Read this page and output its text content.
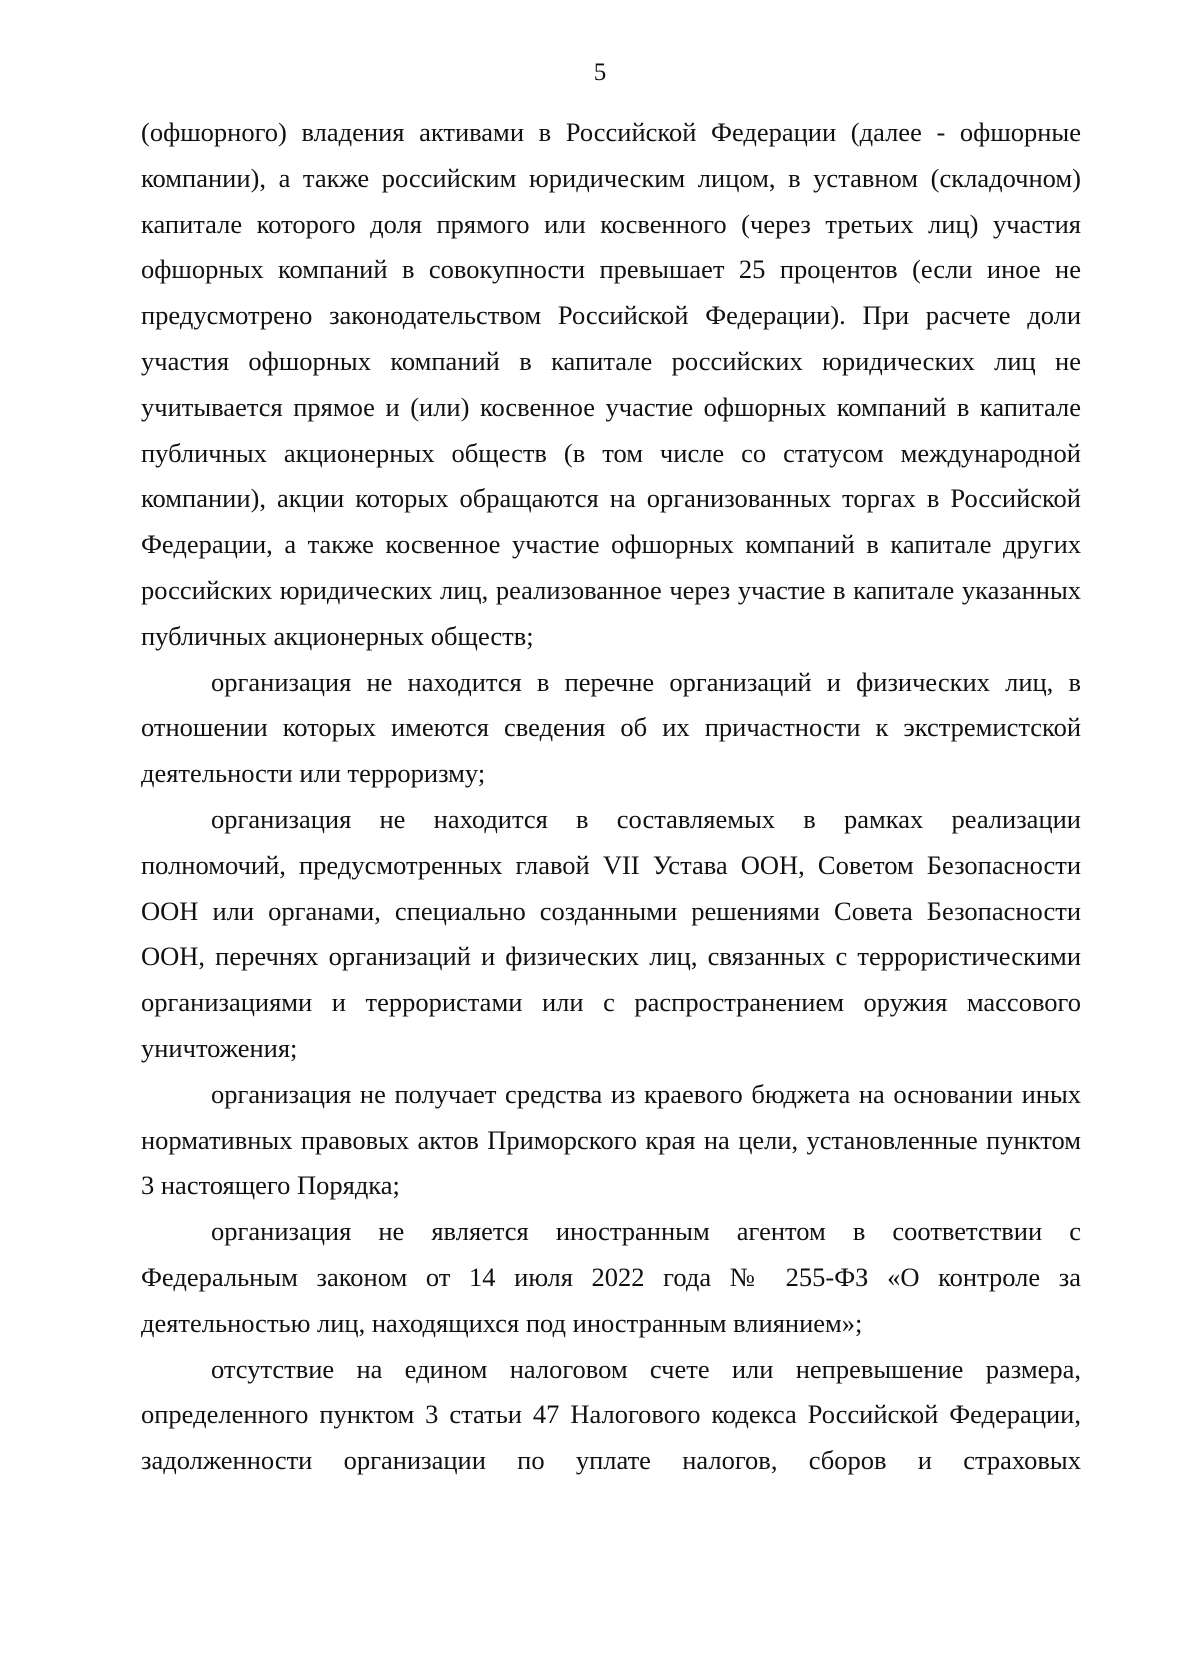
5

(офшорного) владения активами в Российской Федерации (далее - офшорные компании), а также российским юридическим лицом, в уставном (складочном) капитале которого доля прямого или косвенного (через третьих лиц) участия офшорных компаний в совокупности превышает 25 процентов (если иное не предусмотрено законодательством Российской Федерации). При расчете доли участия офшорных компаний в капитале российских юридических лиц не учитывается прямое и (или) косвенное участие офшорных компаний в капитале публичных акционерных обществ (в том числе со статусом международной компании), акции которых обращаются на организованных торгах в Российской Федерации, а также косвенное участие офшорных компаний в капитале других российских юридических лиц, реализованное через участие в капитале указанных публичных акционерных обществ;

организация не находится в перечне организаций и физических лиц, в отношении которых имеются сведения об их причастности к экстремистской деятельности или терроризму;

организация не находится в составляемых в рамках реализации полномочий, предусмотренных главой VII Устава ООН, Советом Безопасности ООН или органами, специально созданными решениями Совета Безопасности ООН, перечнях организаций и физических лиц, связанных с террористическими организациями и террористами или с распространением оружия массового уничтожения;

организация не получает средства из краевого бюджета на основании иных нормативных правовых актов Приморского края на цели, установленные пунктом 3 настоящего Порядка;

организация не является иностранным агентом в соответствии с Федеральным законом от 14 июля 2022 года № 255-ФЗ «О контроле за деятельностью лиц, находящихся под иностранным влиянием»;

отсутствие на едином налоговом счете или непревышение размера, определенного пунктом 3 статьи 47 Налогового кодекса Российской Федерации, задолженности организации по уплате налогов, сборов и страховых
